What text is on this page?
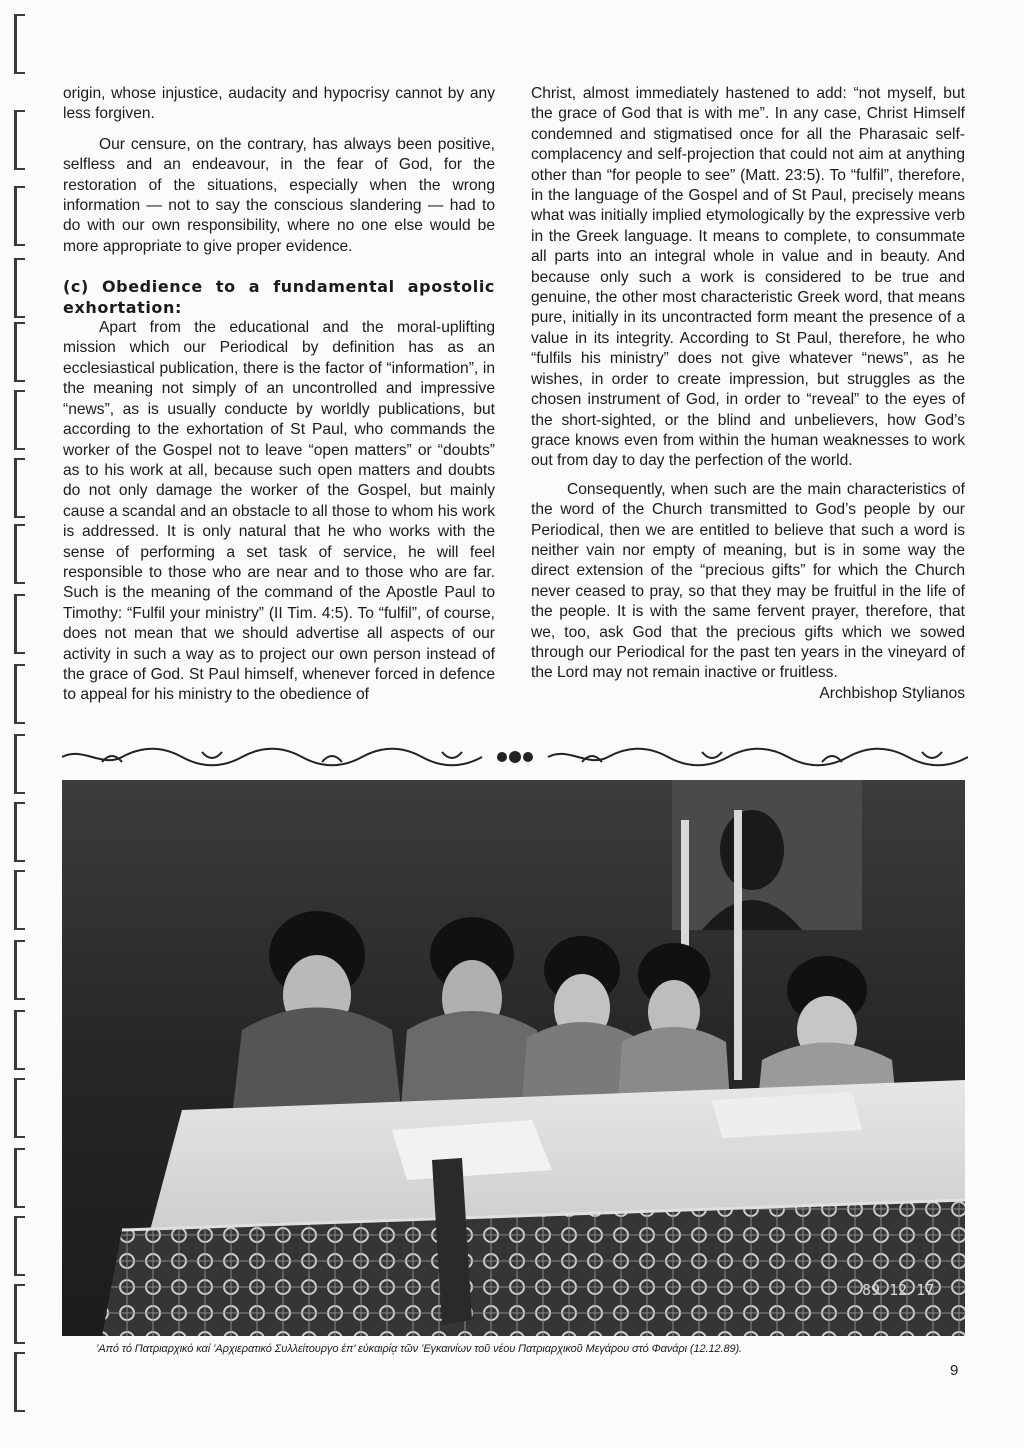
origin, whose injustice, audacity and hypocrisy cannot by any less forgiven.

Our censure, on the contrary, has always been positive, selfless and an endeavour, in the fear of God, for the restoration of the situations, especially when the wrong information — not to say the conscious slandering — had to do with our own responsibility, where no one else would be more appropriate to give proper evidence.

(c) Obedience to a fundamental apostolic exhortation:

Apart from the educational and the moral-uplifting mission which our Periodical by definition has as an ecclesiastical publication, there is the factor of “information”, in the meaning not simply of an uncontrolled and impressive “news”, as is usually conducte by worldly publications, but according to the exhortation of St Paul, who commands the worker of the Gospel not to leave “open matters” or “doubts” as to his work at all, because such open matters and doubts do not only damage the worker of the Gospel, but mainly cause a scandal and an obstacle to all those to whom his work is addressed. It is only natural that he who works with the sense of performing a set task of service, he will feel responsible to those who are near and to those who are far. Such is the meaning of the command of the Apostle Paul to Timothy: “Fulfil your ministry” (II Tim. 4:5). To “fulfil”, of course, does not mean that we should advertise all aspects of our activity in such a way as to project our own person instead of the grace of God. St Paul himself, whenever forced in defence to appeal for his ministry to the obedience of

Christ, almost immediately hastened to add: “not myself, but the grace of God that is with me”. In any case, Christ Himself condemned and stigmatised once for all the Pharasaic self-complacency and self-projection that could not aim at anything other than “for people to see” (Matt. 23:5). To “fulfil”, therefore, in the language of the Gospel and of St Paul, precisely means what was initially implied etymologically by the expressive verb in the Greek language. It means to complete, to consummate all parts into an integral whole in value and in beauty. And because only such a work is considered to be true and genuine, the other most characteristic Greek word, that means pure, initially in its uncontracted form meant the presence of a value in its integrity. According to St Paul, therefore, he who “fulfils his ministry” does not give whatever “news”, as he wishes, in order to create impression, but struggles as the chosen instrument of God, in order to “reveal” to the eyes of the short-sighted, or the blind and unbelievers, how God’s grace knows even from within the human weaknesses to work out from day to day the perfection of the world.

Consequently, when such are the main characteristics of the word of the Church transmitted to God’s people by our Periodical, then we are entitled to believe that such a word is neither vain nor empty of meaning, but is in some way the direct extension of the “precious gifts” for which the Church never ceased to pray, so that they may be fruitful in the life of the people. It is with the same fervent prayer, therefore, that we, too, ask God that the precious gifts which we sowed through our Periodical for the past ten years in the vineyard of the Lord may not remain inactive or fruitless.

Archbishop Stylianos

89 12 17
’Από τό Πατριαρχικό καί ’Αρχιερατικό Συλλείτουργο ἐπ’ εὐκαιρίᾳ τῶν ’Εγκαινίων τοῦ νέου Πατριαρχικοῦ Μεγάρου στό Φανάρι (12.12.89).
9
